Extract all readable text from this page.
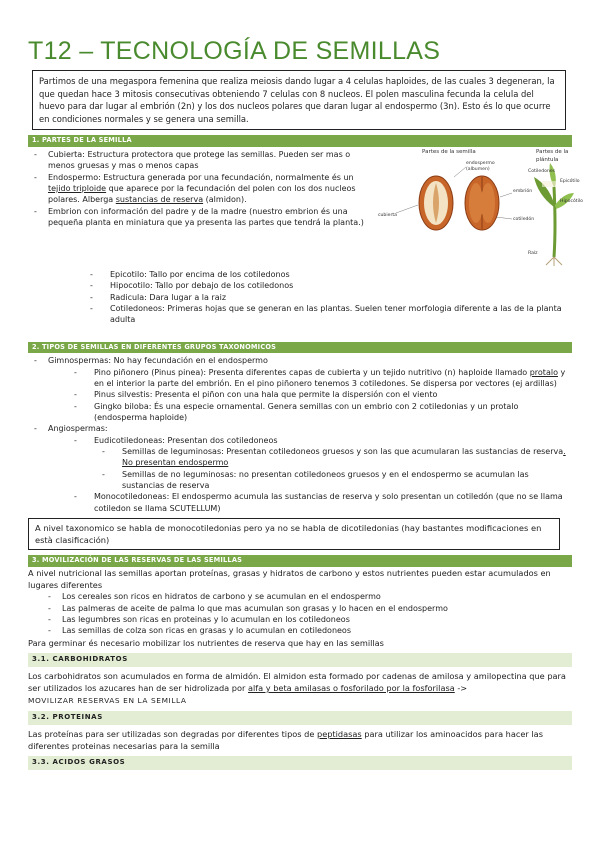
T12 – TECNOLOGÍA DE SEMILLAS
Partimos de una megaspora femenina que realiza meiosis dando lugar a 4 celulas haploides, de las cuales 3 degeneran, la que quedan hace 3 mitosis consecutivas obteniendo 7 celulas con 8 nucleos. El polen masculina fecunda la celula del huevo para dar lugar al embrión (2n) y los dos nucleos polares que daran lugar al endospermo (3n). Esto és lo que ocurre en condiciones normales y se genera una semilla.
1. PARTES DE LA SEMILLA
- Cubierta: Estructura protectora que protege las semillas. Pueden ser mas o menos gruesas y mas o menos capas
- Endospermo: Estructura generada por una fecundación, normalmente és un tejido triploide que aparece por la fecundación del polen con los dos nucleos polares. Alberga sustancias de reserva (almidon).
- Embrion con información del padre y de la madre (nuestro embrion és una pequeña planta en miniatura que ya presenta las partes que tendrá la planta.)
Partes de la semilla	Partes de la plántula
endospermo
(albumen)
embrión
cotiledón
cubierta
Cotiledones
Epicótilo
Hipocótilo
Raíz
- Epicotilo: Tallo por encima de los cotiledonos
- Hipocotilo: Tallo por debajo de los cotiledonos
- Radicula: Dara lugar a la raiz
- Cotiledoneos: Primeras hojas que se generan en las plantas. Suelen tener morfologia diferente a las de la planta adulta
2. TIPOS DE SEMILLAS EN DIFERENTES GRUPOS TAXONOMICOS
- Gimnospermas: No hay fecundación en el endospermo
- Pino piñonero (Pinus pinea): Presenta diferentes capas de cubierta y un tejido nutritivo (n) haploide llamado protalo y en el interior la parte del embrión. En el pino piñonero tenemos 3 cotiledones. Se dispersa por vectores (ej ardillas)
- Pinus silvestis: Presenta el piñon con una hala que permite la dispersión con el viento
- Gingko biloba: És una especie ornamental. Genera semillas con un embrio con 2 cotiledonias y un protalo (endosperma haploide)
- Angiospermas:
- Eudicotiledoneas: Presentan dos cotiledoneos
- Semillas de leguminosas: Presentan cotiledoneos gruesos y son las que acumularan las sustancias de reserva. No presentan endospermo
- Semillas de no leguminosas: no presentan cotiledoneos gruesos y en el endospermo se acumulan las sustancias de reserva
- Monocotiledoneas: El endospermo acumula las sustancias de reserva y solo presentan un cotiledón (que no se llama cotiledon se llama SCUTELLUM)
A nivel taxonomico se habla de monocotiledonias pero ya no se habla de dicotiledonias (hay bastantes modificaciones en està clasificación)
3. MOVILIZACIÓN DE LAS RESERVAS DE LAS SEMILLAS
A nivel nutricional las semillas aportan proteínas, grasas y hidratos de carbono y estos nutrientes pueden estar acumulados en lugares diferentes
- Los cereales son ricos en hidratos de carbono y se acumulan en el endospermo
- Las palmeras de aceite de palma lo que mas acumulan son grasas y lo hacen en el endospermo
- Las legumbres son ricas en proteinas y lo acumulan en los cotiledoneos
- Las semillas de colza son ricas en grasas y lo acumulan en cotiledoneos
Para germinar és necesario mobilizar los nutrientes de reserva que hay en las semillas
3.1. CARBOHIDRATOS
Los carbohidratos son acumulados en forma de almidón. El almidon esta formado por cadenas de amilosa y amilopectina que para ser utilizados los azucares han de ser hidrolizada por alfa y beta amilasas o fosforilado por la fosforilasa ->
MOVILIZAR RESERVAS EN LA SEMILLA
3.2. PROTEINAS
Las proteínas para ser utilizadas son degradas por diferentes tipos de peptidasas para utilizar los aminoacidos para hacer las diferentes proteinas necesarias para la semilla
3.3. ACIDOS GRASOS
